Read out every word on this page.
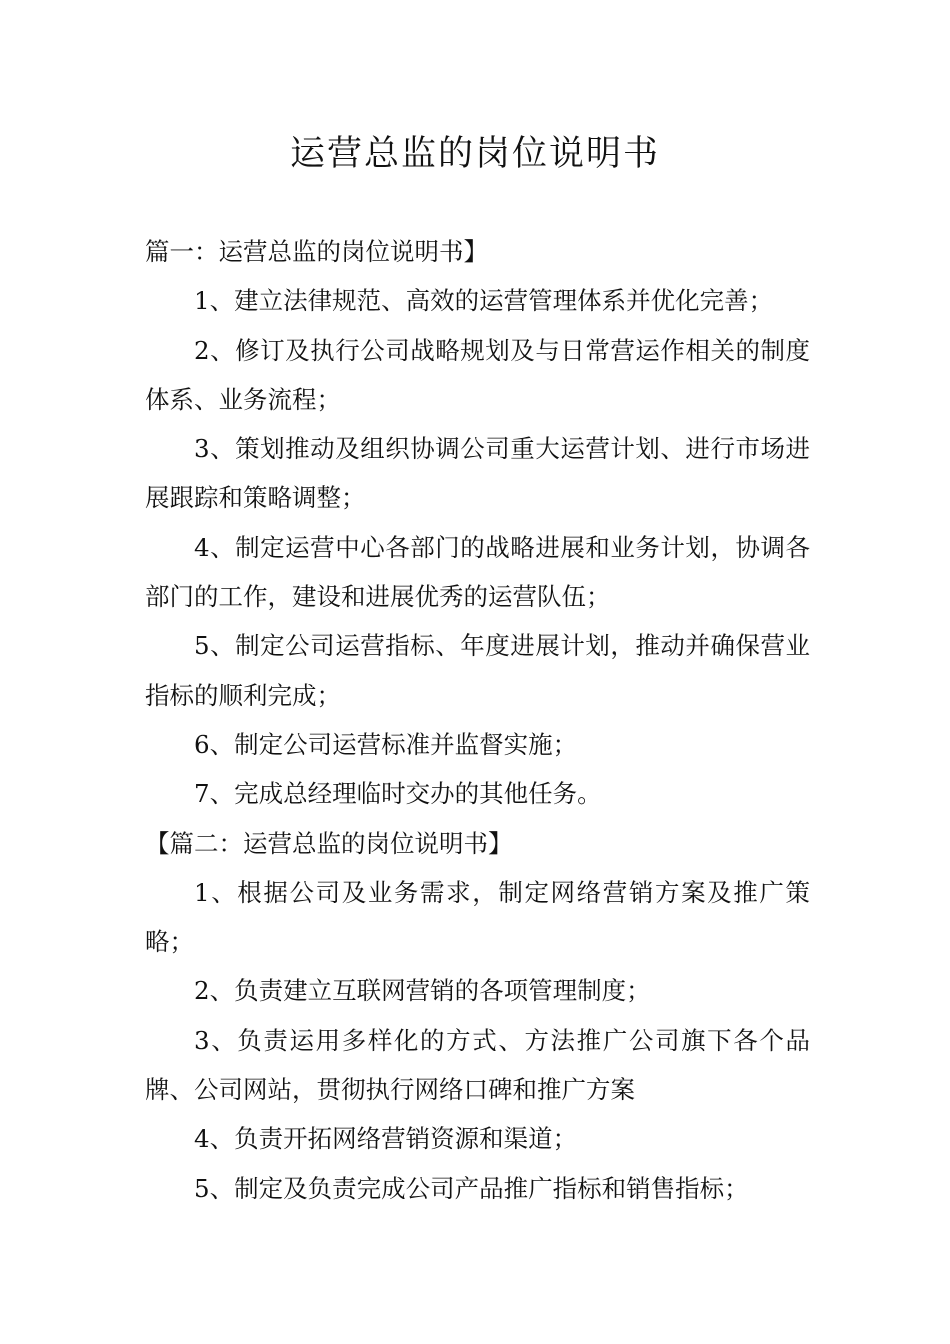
运营总监的岗位说明书

篇一：运营总监的岗位说明书】

1、建立法律规范、高效的运营管理体系并优化完善；

2、修订及执行公司战略规划及与日常营运作相关的制度体系、业务流程；

3、策划推动及组织协调公司重大运营计划、进行市场进展跟踪和策略调整；

4、制定运营中心各部门的战略进展和业务计划，协调各部门的工作，建设和进展优秀的运营队伍；

5、制定公司运营指标、年度进展计划，推动并确保营业指标的顺利完成；

6、制定公司运营标准并监督实施；

7、完成总经理临时交办的其他任务。

【篇二：运营总监的岗位说明书】

1、根据公司及业务需求，制定网络营销方案及推广策略；

2、负责建立互联网营销的各项管理制度；

3、负责运用多样化的方式、方法推广公司旗下各个品牌、公司网站，贯彻执行网络口碑和推广方案

4、负责开拓网络营销资源和渠道；

5、制定及负责完成公司产品推广指标和销售指标；
